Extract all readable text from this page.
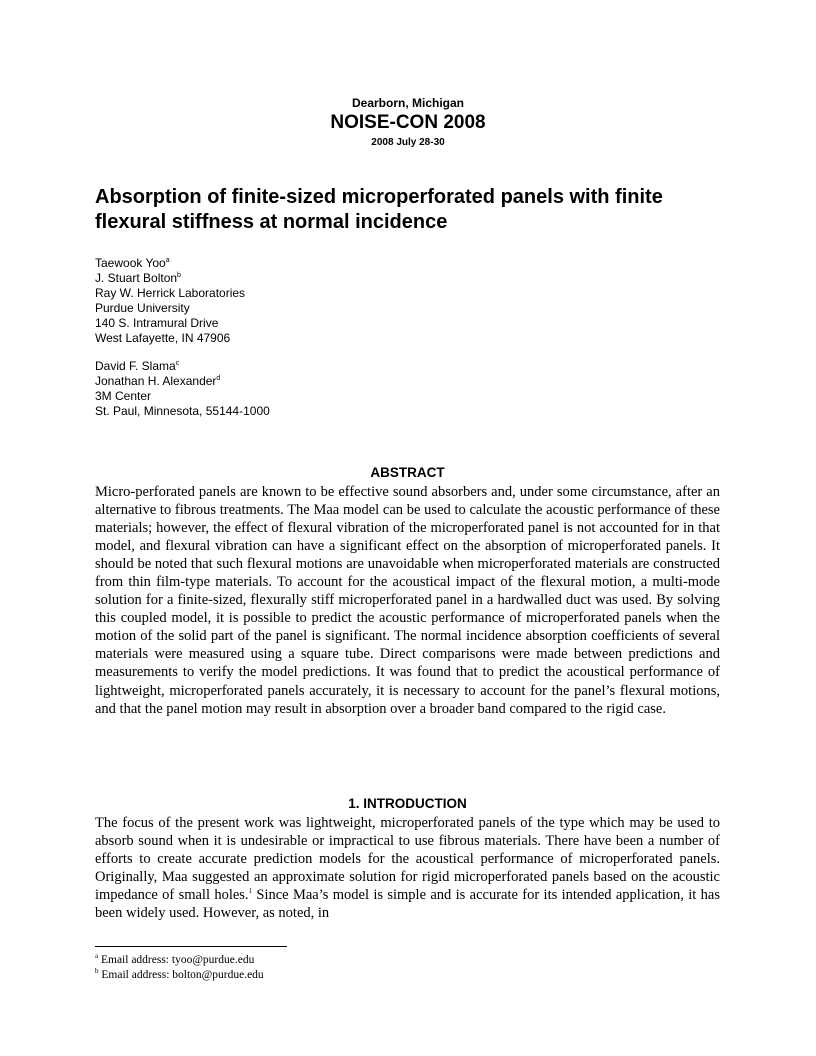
Dearborn, Michigan
NOISE-CON 2008
2008 July 28-30
Absorption of finite-sized microperforated panels with finite flexural stiffness at normal incidence
Taewook Yoo$^a$
J. Stuart Bolton$^b$
Ray W. Herrick Laboratories
Purdue University
140 S. Intramural Drive
West Lafayette, IN 47906
David F. Slama$^c$
Jonathan H. Alexander$^d$
3M Center
St. Paul, Minnesota, 55144-1000
ABSTRACT
Micro-perforated panels are known to be effective sound absorbers and, under some circumstance, after an alternative to fibrous treatments. The Maa model can be used to calculate the acoustic performance of these materials; however, the effect of flexural vibration of the microperforated panel is not accounted for in that model, and flexural vibration can have a significant effect on the absorption of microperforated panels. It should be noted that such flexural motions are unavoidable when microperforated materials are constructed from thin film-type materials. To account for the acoustical impact of the flexural motion, a multi-mode solution for a finite-sized, flexurally stiff microperforated panel in a hardwalled duct was used. By solving this coupled model, it is possible to predict the acoustic performance of microperforated panels when the motion of the solid part of the panel is significant. The normal incidence absorption coefficients of several materials were measured using a square tube. Direct comparisons were made between predictions and measurements to verify the model predictions. It was found that to predict the acoustical performance of lightweight, microperforated panels accurately, it is necessary to account for the panel’s flexural motions, and that the panel motion may result in absorption over a broader band compared to the rigid case.
1. INTRODUCTION
The focus of the present work was lightweight, microperforated panels of the type which may be used to absorb sound when it is undesirable or impractical to use fibrous materials. There have been a number of efforts to create accurate prediction models for the acoustical performance of microperforated panels. Originally, Maa suggested an approximate solution for rigid microperforated panels based on the acoustic impedance of small holes.$^1$ Since Maa’s model is simple and is accurate for its intended application, it has been widely used. However, as noted, in
$^a$ Email address: tyoo@purdue.edu
$^b$ Email address: bolton@purdue.edu
